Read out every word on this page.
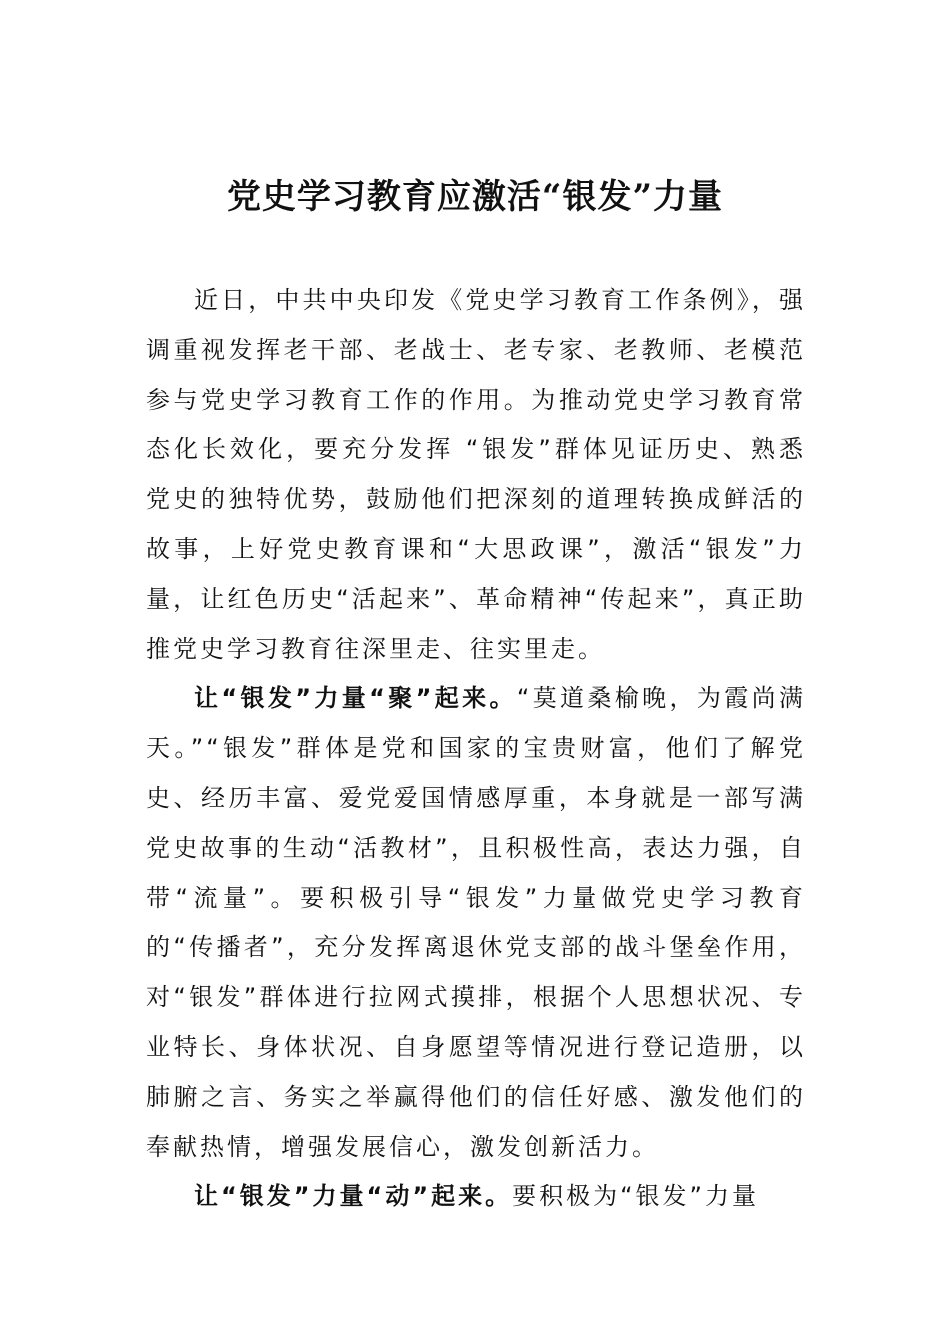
党史学习教育应激活“银发”力量

近日，中共中央印发《党史学习教育工作条例》，强调重视发挥老干部、老战士、老专家、老教师、老模范参与党史学习教育工作的作用。为推动党史学习教育常态化长效化，要充分发挥 “银发”群体见证历史、熟悉党史的独特优势，鼓励他们把深刻的道理转换成鲜活的故事，上好党史教育课和“大思政课”，激活“银发”力量，让红色历史“活起来”、革命精神“传起来”，真正助推党史学习教育往深里走、往实里走。

让“银发”力量“聚”起来。“莫道桑榆晚，为霞尚满天。”“银发”群体是党和国家的宝贵财富，他们了解党史、经历丰富、爱党爱国情感厚重，本身就是一部写满党史故事的生动“活教材”，且积极性高，表达力强，自带“流量”。要积极引导“银发”力量做党史学习教育的“传播者”，充分发挥离退休党支部的战斗堡垒作用，对“银发”群体进行拉网式摸排，根据个人思想状况、专业特长、身体状况、自身愿望等情况进行登记造册，以肺腑之言、务实之举赢得他们的信任好感、激发他们的奉献热情，增强发展信心，激发创新活力。

让“银发”力量“动”起来。要积极为“银发”力量
